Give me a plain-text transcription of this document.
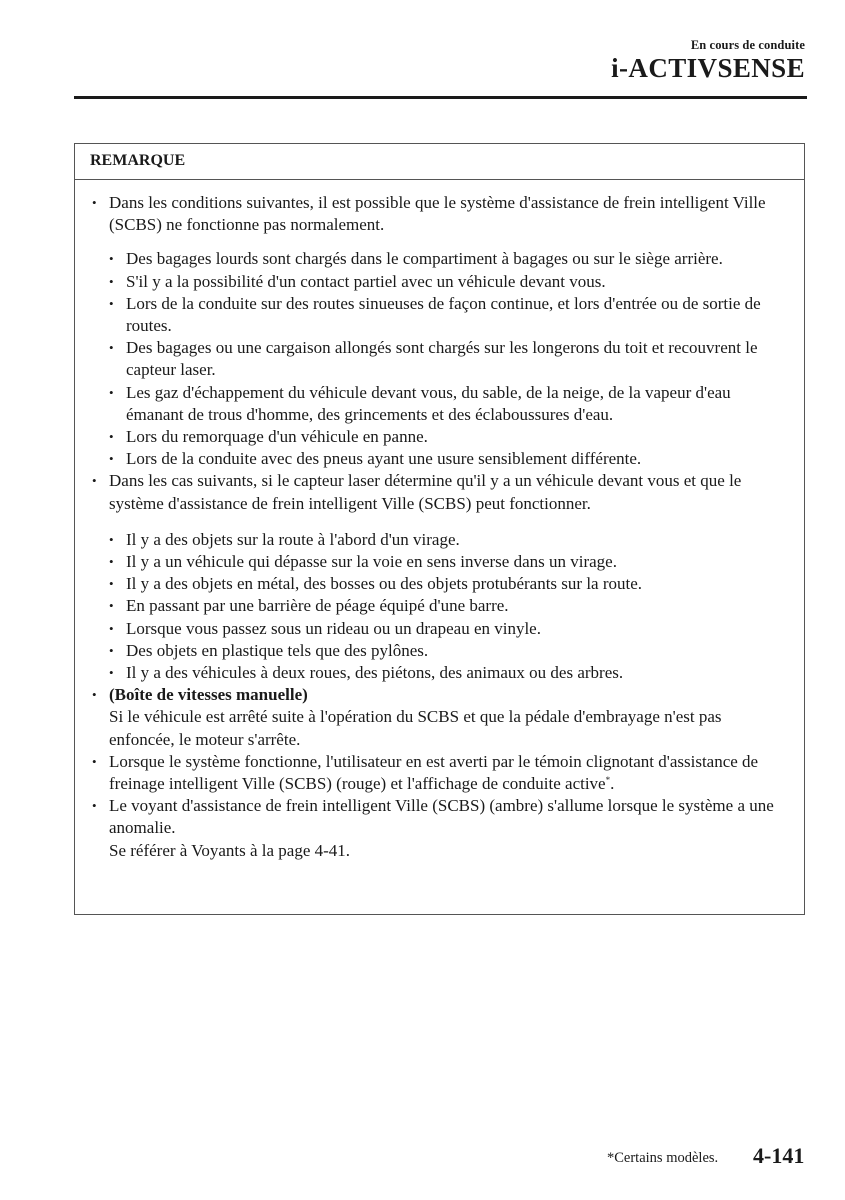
En cours de conduite
i-ACTIVSENSE
REMARQUE
• Dans les conditions suivantes, il est possible que le système d'assistance de frein intelligent Ville (SCBS) ne fonctionne pas normalement.
• Des bagages lourds sont chargés dans le compartiment à bagages ou sur le siège arrière.
• S'il y a la possibilité d'un contact partiel avec un véhicule devant vous.
• Lors de la conduite sur des routes sinueuses de façon continue, et lors d'entrée ou de sortie de routes.
• Des bagages ou une cargaison allongés sont chargés sur les longerons du toit et recouvrent le capteur laser.
• Les gaz d'échappement du véhicule devant vous, du sable, de la neige, de la vapeur d'eau émanant de trous d'homme, des grincements et des éclaboussures d'eau.
• Lors du remorquage d'un véhicule en panne.
• Lors de la conduite avec des pneus ayant une usure sensiblement différente.
• Dans les cas suivants, si le capteur laser détermine qu'il y a un véhicule devant vous et que le système d'assistance de frein intelligent Ville (SCBS) peut fonctionner.
• Il y a des objets sur la route à l'abord d'un virage.
• Il y a un véhicule qui dépasse sur la voie en sens inverse dans un virage.
• Il y a des objets en métal, des bosses ou des objets protubérants sur la route.
• En passant par une barrière de péage équipé d'une barre.
• Lorsque vous passez sous un rideau ou un drapeau en vinyle.
• Des objets en plastique tels que des pylônes.
• Il y a des véhicules à deux roues, des piétons, des animaux ou des arbres.
• (Boîte de vitesses manuelle)
Si le véhicule est arrêté suite à l'opération du SCBS et que la pédale d'embrayage n'est pas enfoncée, le moteur s'arrête.
• Lorsque le système fonctionne, l'utilisateur en est averti par le témoin clignotant d'assistance de freinage intelligent Ville (SCBS) (rouge) et l'affichage de conduite active*.
• Le voyant d'assistance de frein intelligent Ville (SCBS) (ambre) s'allume lorsque le système a une anomalie.
Se référer à Voyants à la page 4-41.
*Certains modèles. 4-141
